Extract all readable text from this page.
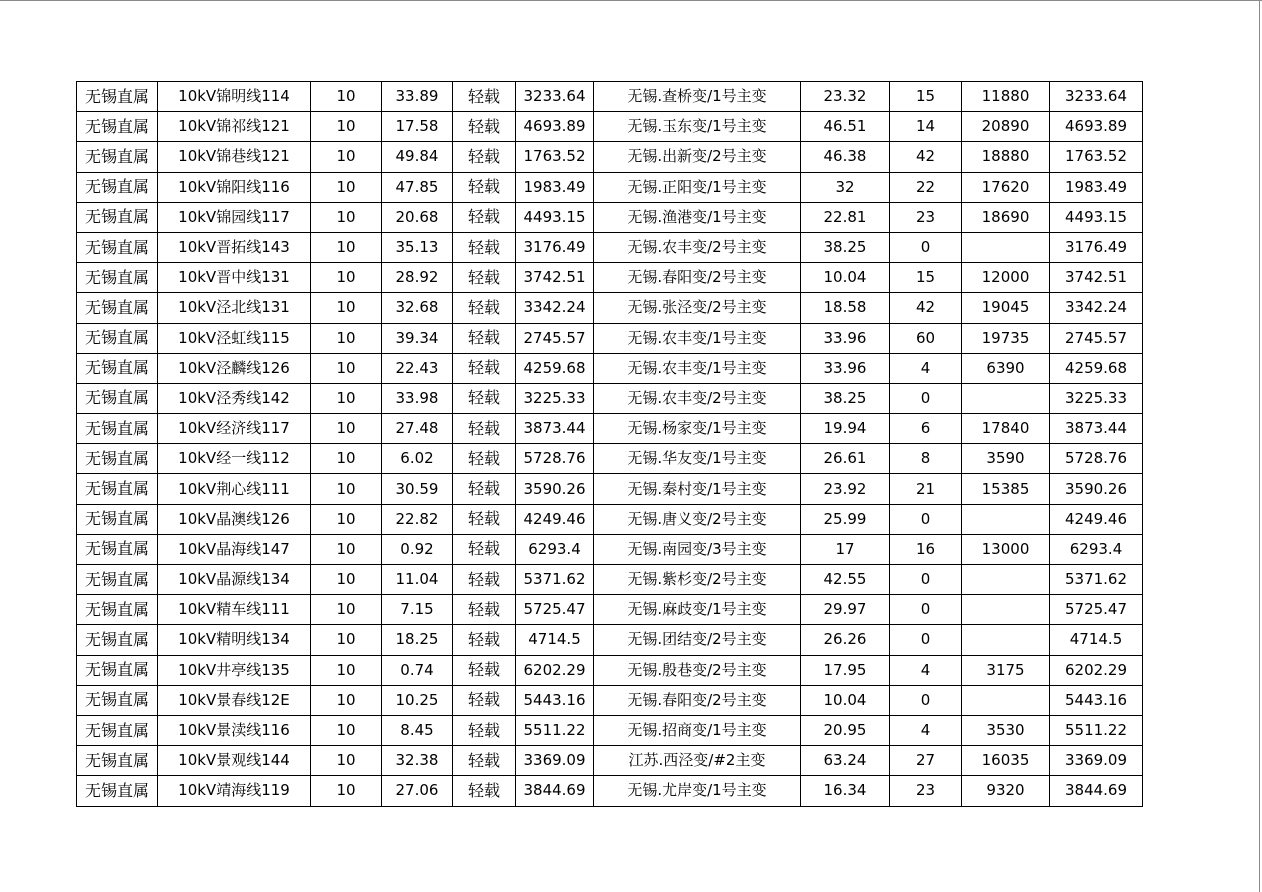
无锡直属	10kV锦明线114	10	33.89	轻载	3233.64	无锡.查桥变/1号主变	23.32	15	11880	3233.64
无锡直属	10kV锦祁线121	10	17.58	轻载	4693.89	无锡.玉东变/1号主变	46.51	14	20890	4693.89
无锡直属	10kV锦巷线121	10	49.84	轻载	1763.52	无锡.出新变/2号主变	46.38	42	18880	1763.52
无锡直属	10kV锦阳线116	10	47.85	轻载	1983.49	无锡.正阳变/1号主变	32	22	17620	1983.49
无锡直属	10kV锦园线117	10	20.68	轻载	4493.15	无锡.渔港变/1号主变	22.81	23	18690	4493.15
无锡直属	10kV晋拓线143	10	35.13	轻载	3176.49	无锡.农丰变/2号主变	38.25	0		3176.49
无锡直属	10kV晋中线131	10	28.92	轻载	3742.51	无锡.春阳变/2号主变	10.04	15	12000	3742.51
无锡直属	10kV泾北线131	10	32.68	轻载	3342.24	无锡.张泾变/2号主变	18.58	42	19045	3342.24
无锡直属	10kV泾虹线115	10	39.34	轻载	2745.57	无锡.农丰变/1号主变	33.96	60	19735	2745.57
无锡直属	10kV泾麟线126	10	22.43	轻载	4259.68	无锡.农丰变/1号主变	33.96	4	6390	4259.68
无锡直属	10kV泾秀线142	10	33.98	轻载	3225.33	无锡.农丰变/2号主变	38.25	0		3225.33
无锡直属	10kV经济线117	10	27.48	轻载	3873.44	无锡.杨家变/1号主变	19.94	6	17840	3873.44
无锡直属	10kV经一线112	10	6.02	轻载	5728.76	无锡.华友变/1号主变	26.61	8	3590	5728.76
无锡直属	10kV荆心线111	10	30.59	轻载	3590.26	无锡.秦村变/1号主变	23.92	21	15385	3590.26
无锡直属	10kV晶澳线126	10	22.82	轻载	4249.46	无锡.唐义变/2号主变	25.99	0		4249.46
无锡直属	10kV晶海线147	10	0.92	轻载	6293.4	无锡.南园变/3号主变	17	16	13000	6293.4
无锡直属	10kV晶源线134	10	11.04	轻载	5371.62	无锡.紫杉变/2号主变	42.55	0		5371.62
无锡直属	10kV精车线111	10	7.15	轻载	5725.47	无锡.麻歧变/1号主变	29.97	0		5725.47
无锡直属	10kV精明线134	10	18.25	轻载	4714.5	无锡.团结变/2号主变	26.26	0		4714.5
无锡直属	10kV井亭线135	10	0.74	轻载	6202.29	无锡.殷巷变/2号主变	17.95	4	3175	6202.29
无锡直属	10kV景春线12E	10	10.25	轻载	5443.16	无锡.春阳变/2号主变	10.04	0		5443.16
无锡直属	10kV景渎线116	10	8.45	轻载	5511.22	无锡.招商变/1号主变	20.95	4	3530	5511.22
无锡直属	10kV景观线144	10	32.38	轻载	3369.09	江苏.西泾变/#2主变	63.24	27	16035	3369.09
无锡直属	10kV靖海线119	10	27.06	轻载	3844.69	无锡.尤岸变/1号主变	16.34	23	9320	3844.69
